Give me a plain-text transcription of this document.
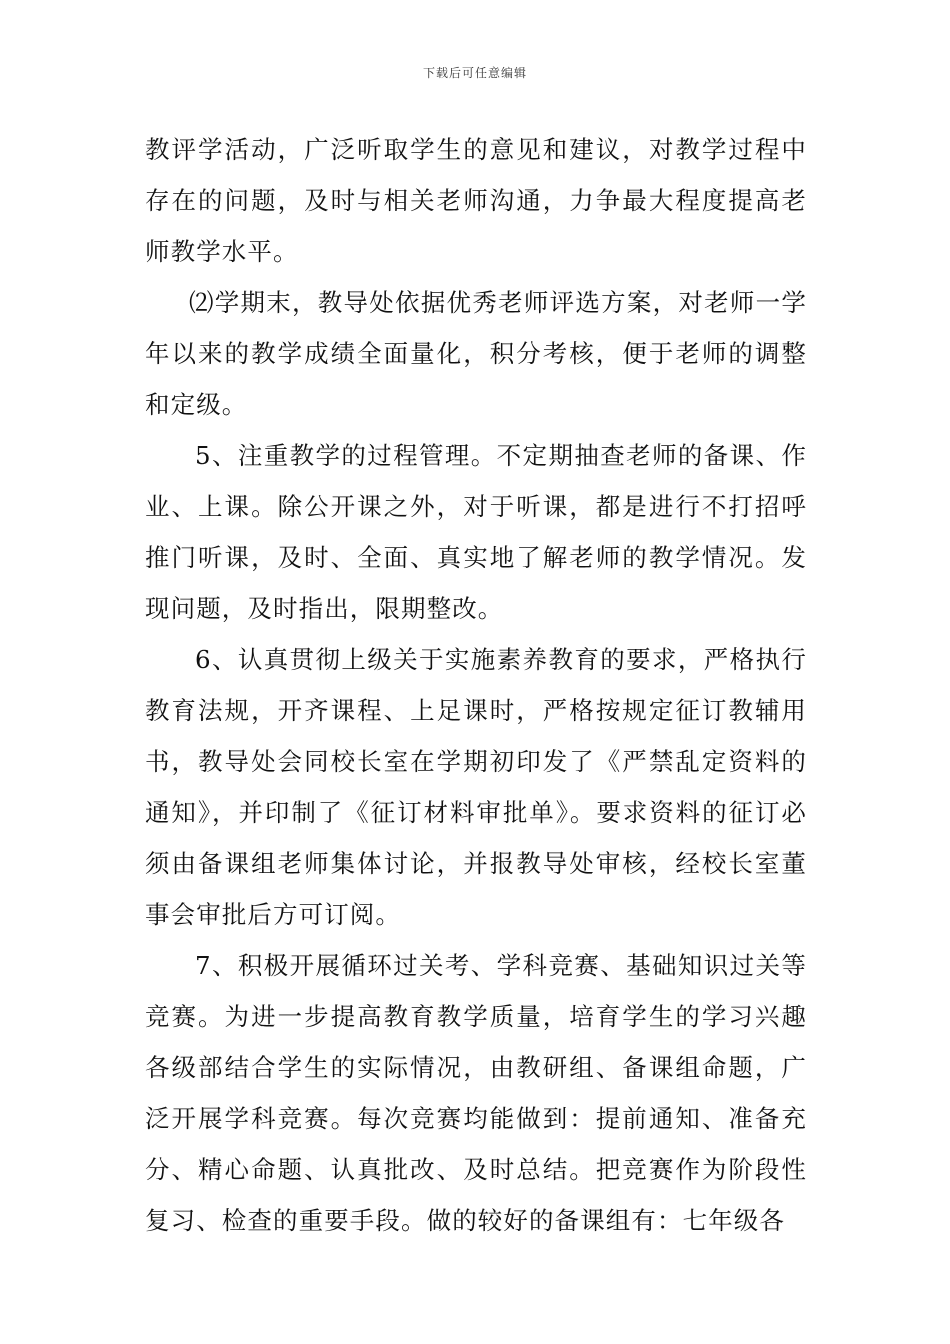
下载后可任意编辑

教评学活动，广泛听取学生的意见和建议，对教学过程中存在的问题，及时与相关老师沟通，力争最大程度提高老师教学水平。

⑵学期末，教导处依据优秀老师评选方案，对老师一学年以来的教学成绩全面量化，积分考核，便于老师的调整和定级。

5、注重教学的过程管理。不定期抽查老师的备课、作业、上课。除公开课之外，对于听课，都是进行不打招呼推门听课，及时、全面、真实地了解老师的教学情况。发现问题，及时指出，限期整改。

6、认真贯彻上级关于实施素养教育的要求，严格执行教育法规，开齐课程、上足课时，严格按规定征订教辅用书，教导处会同校长室在学期初印发了《严禁乱定资料的通知》，并印制了《征订材料审批单》。要求资料的征订必须由备课组老师集体讨论，并报教导处审核，经校长室董事会审批后方可订阅。

7、积极开展循环过关考、学科竞赛、基础知识过关等竞赛。为进一步提高教育教学质量，培育学生的学习兴趣各级部结合学生的实际情况，由教研组、备课组命题，广泛开展学科竞赛。每次竞赛均能做到：提前通知、准备充分、精心命题、认真批改、及时总结。把竞赛作为阶段性复习、检查的重要手段。做的较好的备课组有：七年级各
